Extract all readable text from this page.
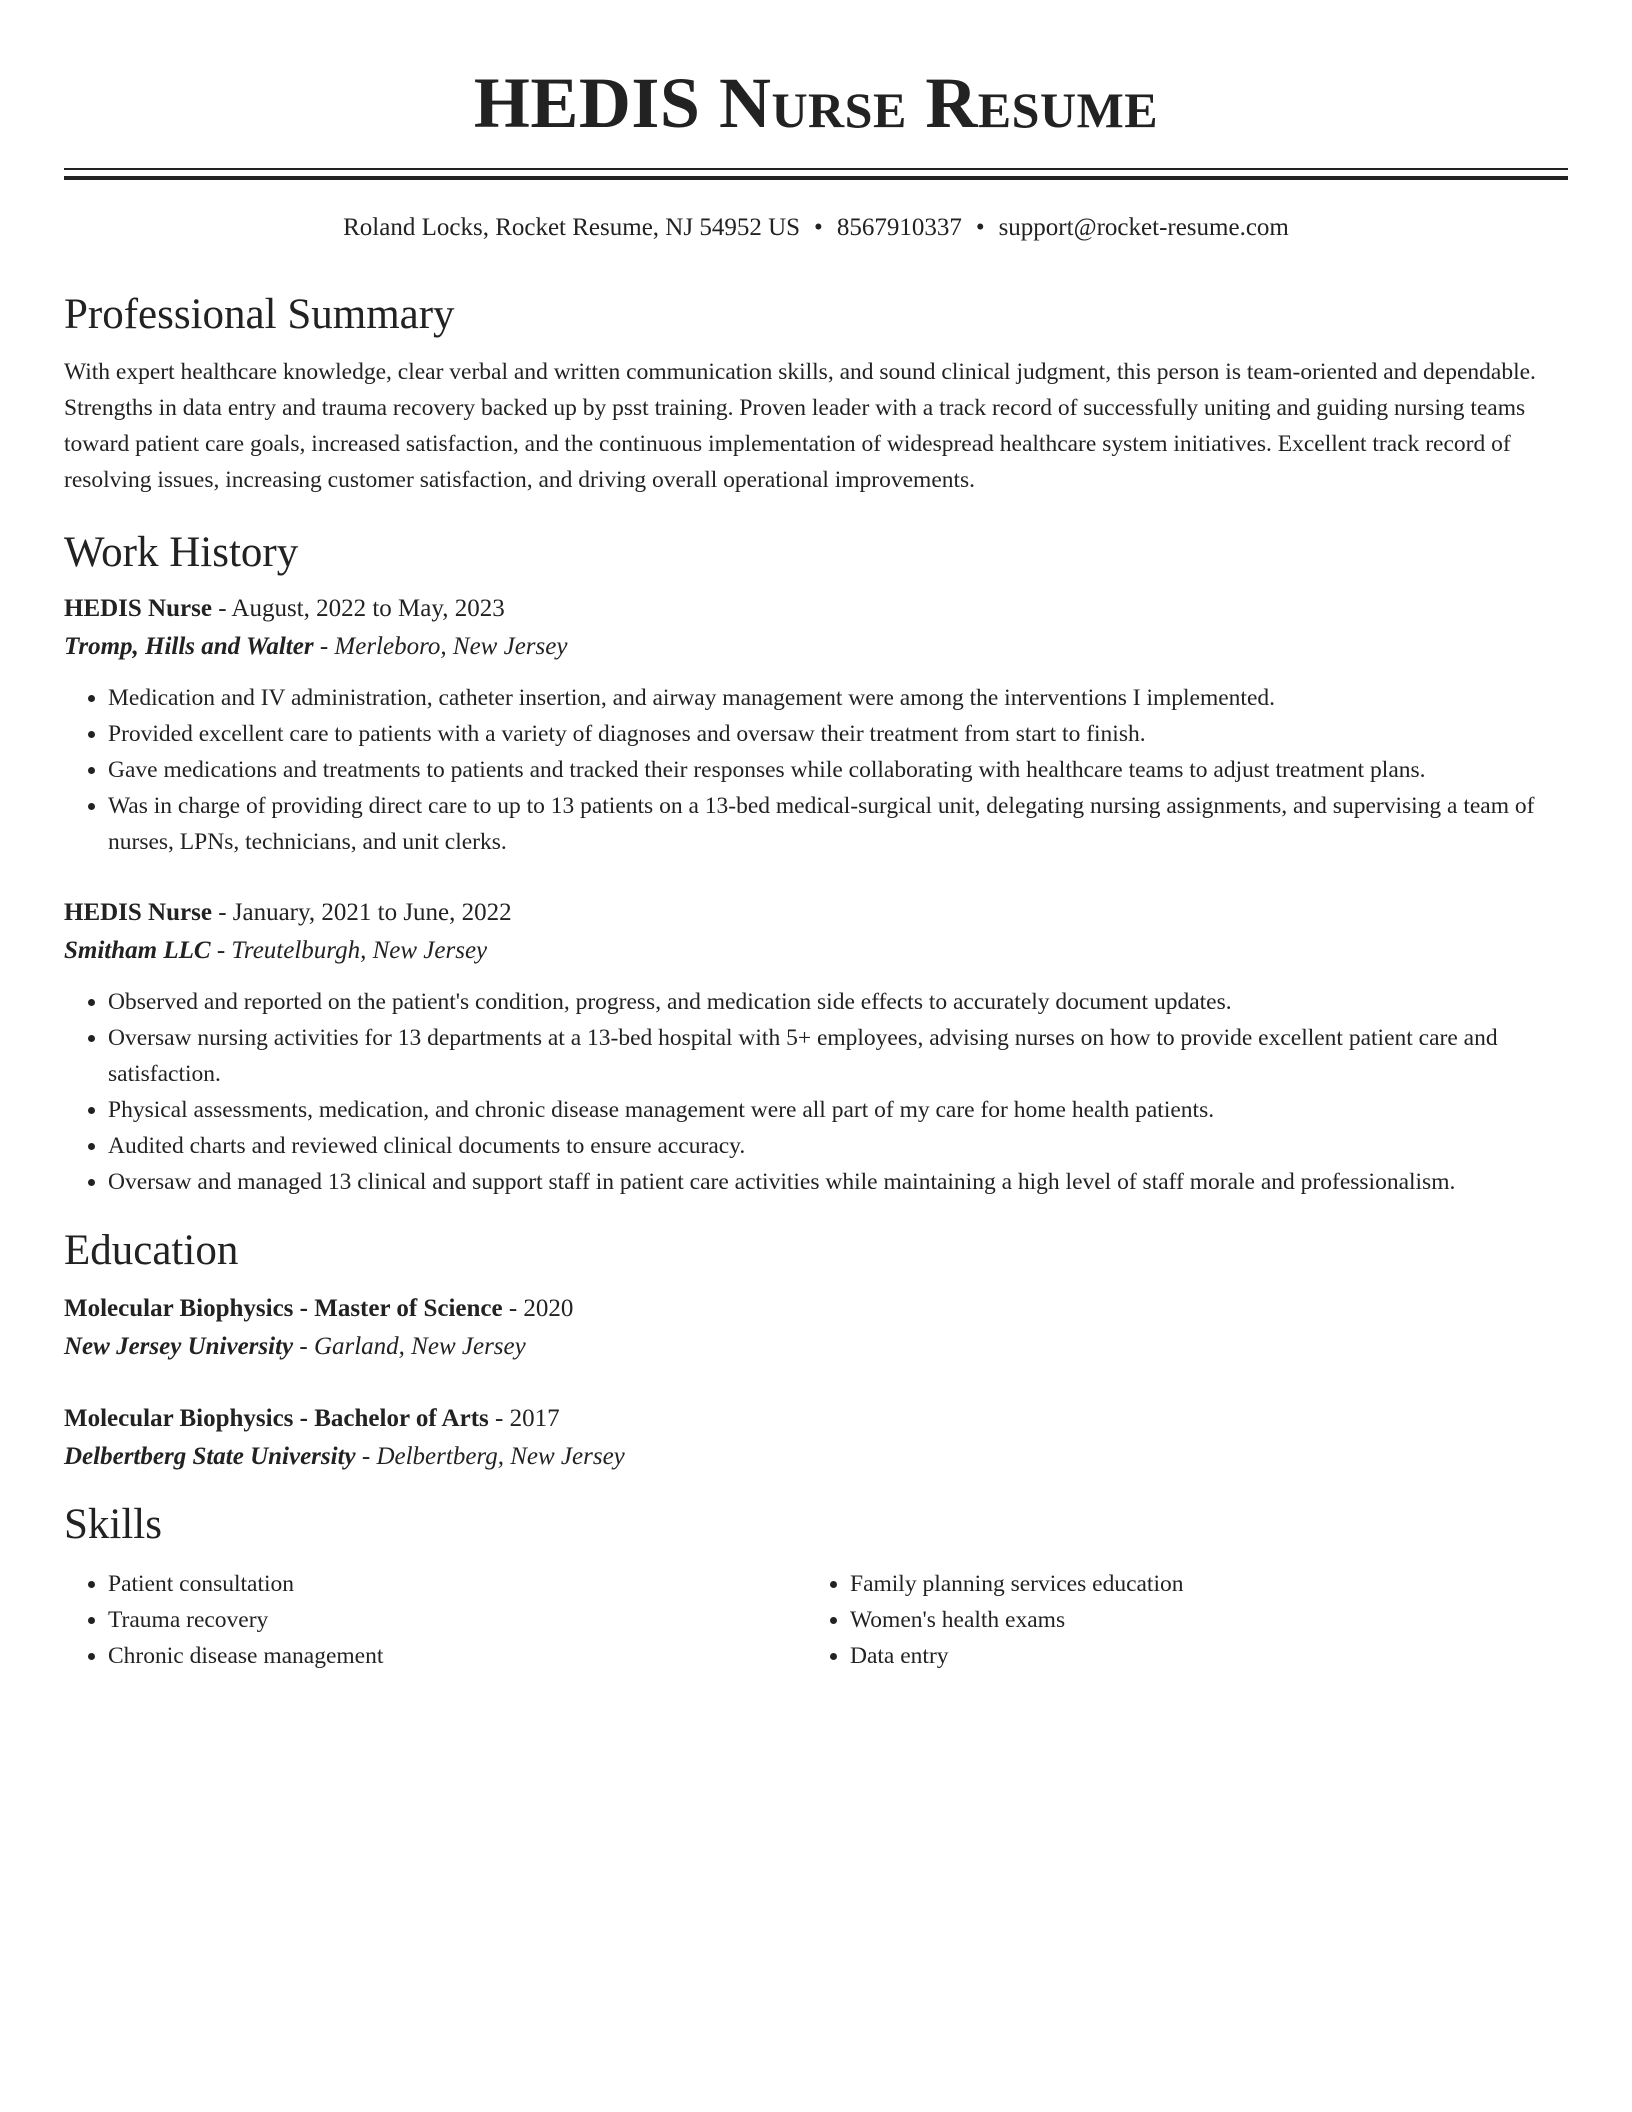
HEDIS Nurse Resume
Roland Locks, Rocket Resume, NJ 54952 US • 8567910337 • support@rocket-resume.com
Professional Summary
With expert healthcare knowledge, clear verbal and written communication skills, and sound clinical judgment, this person is team-oriented and dependable. Strengths in data entry and trauma recovery backed up by psst training. Proven leader with a track record of successfully uniting and guiding nursing teams toward patient care goals, increased satisfaction, and the continuous implementation of widespread healthcare system initiatives. Excellent track record of resolving issues, increasing customer satisfaction, and driving overall operational improvements.
Work History
HEDIS Nurse - August, 2022 to May, 2023
Tromp, Hills and Walter - Merleboro, New Jersey
• Medication and IV administration, catheter insertion, and airway management were among the interventions I implemented.
• Provided excellent care to patients with a variety of diagnoses and oversaw their treatment from start to finish.
• Gave medications and treatments to patients and tracked their responses while collaborating with healthcare teams to adjust treatment plans.
• Was in charge of providing direct care to up to 13 patients on a 13-bed medical-surgical unit, delegating nursing assignments, and supervising a team of nurses, LPNs, technicians, and unit clerks.
HEDIS Nurse - January, 2021 to June, 2022
Smitham LLC - Treutelburgh, New Jersey
• Observed and reported on the patient's condition, progress, and medication side effects to accurately document updates.
• Oversaw nursing activities for 13 departments at a 13-bed hospital with 5+ employees, advising nurses on how to provide excellent patient care and satisfaction.
• Physical assessments, medication, and chronic disease management were all part of my care for home health patients.
• Audited charts and reviewed clinical documents to ensure accuracy.
• Oversaw and managed 13 clinical and support staff in patient care activities while maintaining a high level of staff morale and professionalism.
Education
Molecular Biophysics - Master of Science - 2020
New Jersey University - Garland, New Jersey
Molecular Biophysics - Bachelor of Arts - 2017
Delbertberg State University - Delbertberg, New Jersey
Skills
• Patient consultation
• Trauma recovery
• Chronic disease management
• Family planning services education
• Women's health exams
• Data entry
